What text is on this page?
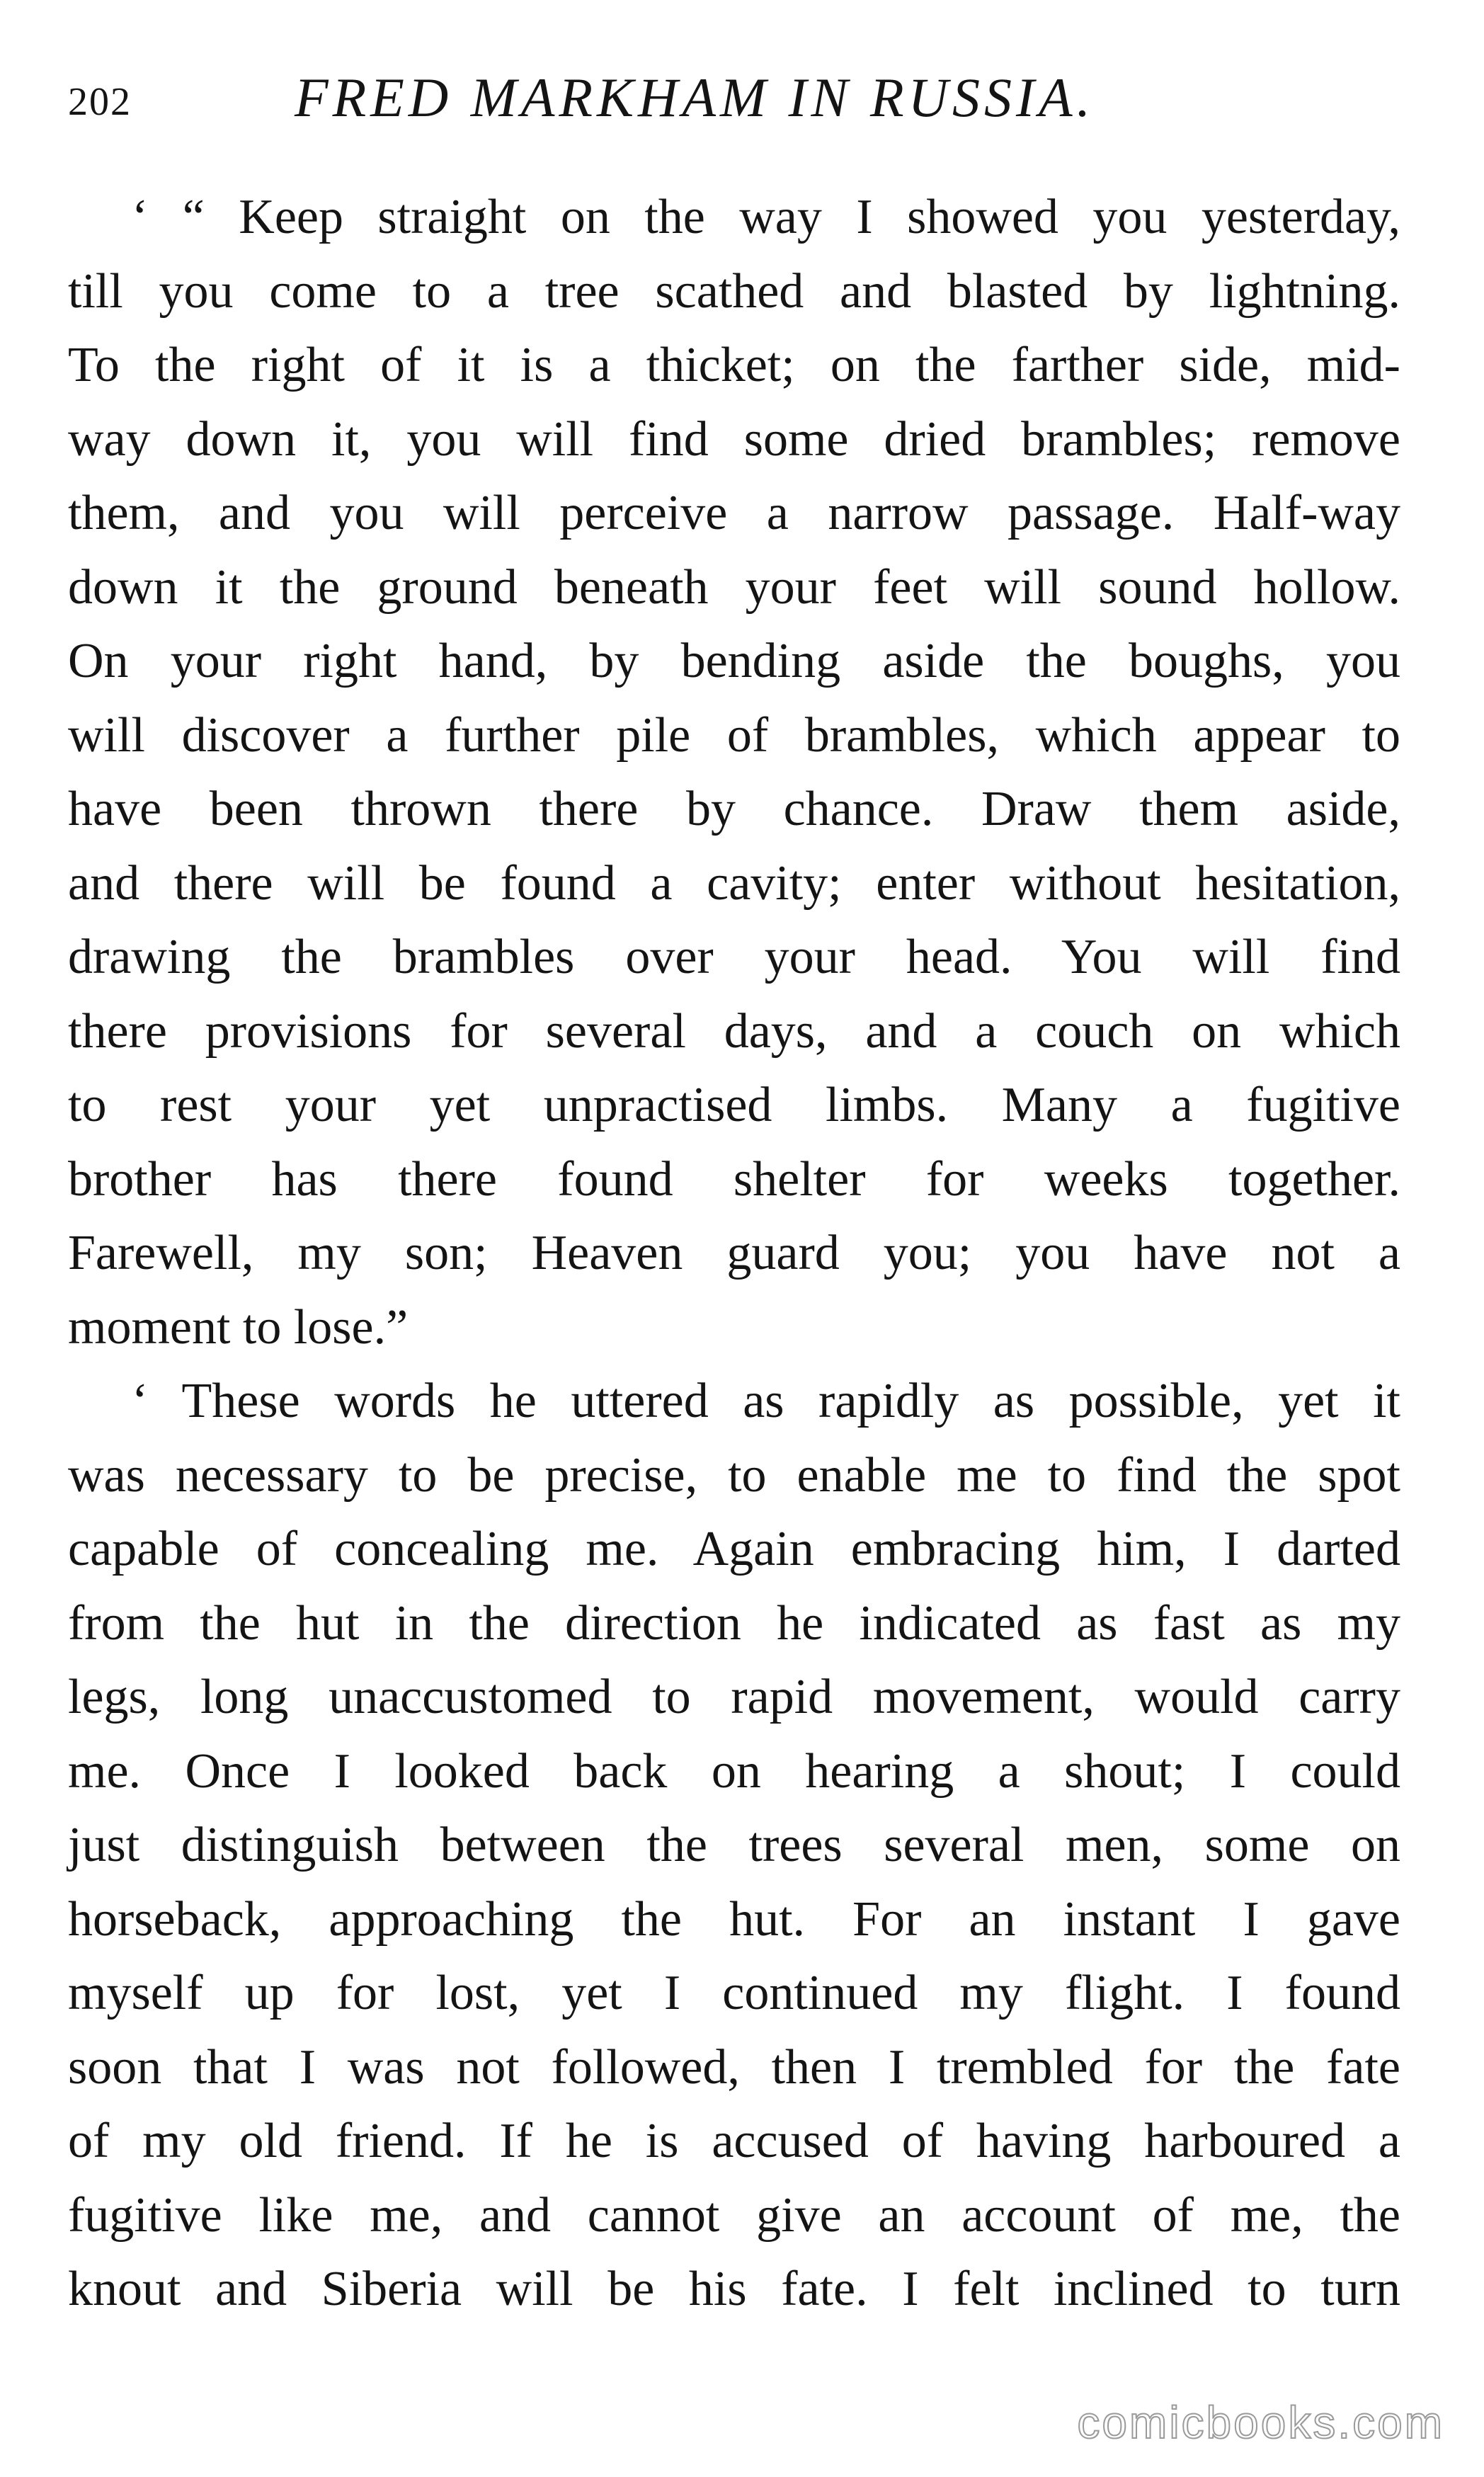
202	FRED MARKHAM IN RUSSIA.
‘ “ Keep straight on the way I showed you yesterday,
till you come to a tree scathed and blasted by lightning.
To the right of it is a thicket; on the farther side, mid-
way down it, you will find some dried brambles; remove
them, and you will perceive a narrow passage. Half-way
down it the ground beneath your feet will sound hollow.
On your right hand, by bending aside the boughs, you
will discover a further pile of brambles, which appear to
have been thrown there by chance. Draw them aside,
and there will be found a cavity; enter without hesitation,
drawing the brambles over your head. You will find
there provisions for several days, and a couch on which
to rest your yet unpractised limbs. Many a fugitive
brother has there found shelter for weeks together.
Farewell, my son; Heaven guard you; you have not a
moment to lose.”
‘ These words he uttered as rapidly as possible, yet it
was necessary to be precise, to enable me to find the spot
capable of concealing me. Again embracing him, I darted
from the hut in the direction he indicated as fast as my
legs, long unaccustomed to rapid movement, would carry
me. Once I looked back on hearing a shout; I could
just distinguish between the trees several men, some on
horseback, approaching the hut. For an instant I gave
myself up for lost, yet I continued my flight. I found
soon that I was not followed, then I trembled for the fate
of my old friend. If he is accused of having harboured a
fugitive like me, and cannot give an account of me, the
knout and Siberia will be his fate. I felt inclined to turn
comicbooks.com
